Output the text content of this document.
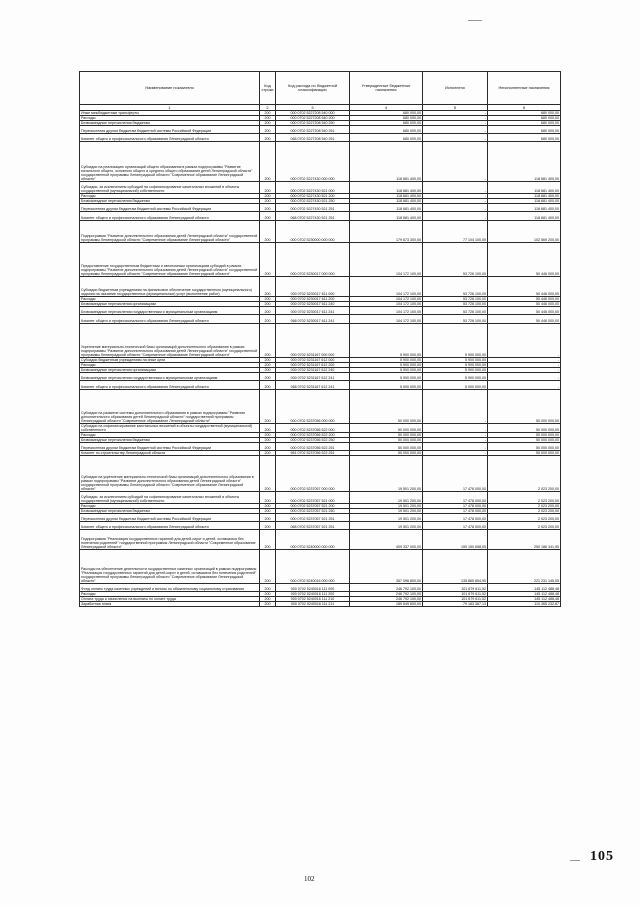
Наименование показателя	Код строки	Код расхода по бюджетной классификации	Утвержденные бюджетные назначения	Исполнено	Неисполненные назначения
1	2	3	4	5	6
Иные межбюджетные трансферты	200	000 0702 5227208 540 000	680 000,00	-	680 000,00
Расходы	200	000 0702 5227208 540 200	680 000,00	-	680 000,00
Безвозмездные перечисления бюджетам	200	000 0702 5227208 540 250	680 000,00	-	680 000,00
Перечисления другим бюджетам бюджетной системы Российской Федерации	200	000 0702 5227208 540 251	680 000,00	-	680 000,00
Комитет общего и профессионального образования Ленинградской области	200	068 0702 5227208 540 251	680 000,00	-	680 000,00
Субсидии на реализацию организаций общего образования в рамках подпрограммы "Развитие начального общего, основного общего и среднего общего образования детей Ленинградской области" государственной программы Ленинградской области "Современное образование Ленинградской области"	200	000 0702 5227430 000 000	118 681 400,00	-	118 681 400,00
Субсидии, за исключением субсидий на софинансирование капитальных вложений в объекты государственной (муниципальной) собственности	200	000 0702 5227430 521 000	118 681 400,00	-	118 681 400,00
Расходы	200	000 0702 5227430 521 200	118 681 400,00	-	118 681 400,00
Безвозмездные перечисления бюджетам	200	000 0702 5227430 521 250	118 681 400,00	-	118 681 400,00
Перечисления другим бюджетам бюджетной системы Российской Федерации	200	000 0702 5227430 521 251	118 681 400,00	-	118 681 400,00
Комитет общего и профессионального образования Ленинградской области	200	068 0702 5227430 521 251	118 681 400,00	-	118 681 400,00
Подпрограмма "Развитие дополнительного образования детей Ленинградской области" государственной программы Ленинградской области "Современное образование Ленинградской области"	200	000 0702 5230000 000 000	179 673 300,00	77 104 100,00	102 569 200,00
Предоставление государственным бюджетным и автономным организациям субсидий в рамках подпрограммы "Развитие дополнительного образования детей Ленинградской области" государственной программы Ленинградской области "Современное образование Ленинградской области"	200	000 0702 5230017 000 000	104 172 100,00	53 726 100,00	50 446 000,00
Субсидии бюджетным учреждениям на финансовое обеспечение государственного (муниципального) задания на оказание государственных (муниципальных) услуг (выполнение работ)	200	000 0702 5230017 611 000	104 172 100,00	53 726 100,00	50 446 000,00
Расходы	200	000 0702 5230017 611 200	104 172 100,00	53 726 100,00	50 446 000,00
Безвозмездные перечисления организациям	200	000 0702 5230017 611 240	104 172 100,00	53 726 100,00	50 446 000,00
Безвозмездные перечисления государственным и муниципальным организациям	200	000 0702 5230017 611 241	104 172 100,00	53 726 100,00	50 446 000,00
Комитет общего и профессионального образования Ленинградской области	200	068 0702 5230017 611 241	104 172 100,00	53 726 100,00	50 446 000,00
Укрепление материально-технической базы организаций дополнительного образования в рамках подпрограммы "Развитие дополнительного образования детей Ленинградской области" государственной программы Ленинградской области "Современное образование Ленинградской области"	200	000 0702 5231167 000 000	5 900 000,00	5 900 000,00	-
Субсидии бюджетным учреждениям на иные цели	200	000 0702 5231167 612 000	5 900 000,00	5 900 000,00	-
Расходы	200	000 0702 5231167 612 200	5 900 000,00	5 900 000,00	-
Безвозмездные перечисления организациям	200	000 0702 5231167 612 240	5 900 000,00	5 900 000,00	-
Безвозмездные перечисления государственным и муниципальным организациям	200	000 0702 5231167 612 241	5 900 000,00	5 900 000,00	-
Комитет общего и профессионального образования Ленинградской области	200	068 0702 5231167 612 241	5 900 000,00	5 900 000,00	-
Субсидии на развитие системы дополнительного образования в рамках подпрограммы "Развитие дополнительного образования детей Ленинградской области" государственной программы Ленинградской области "Современное образование Ленинградской области"	200	000 0702 5237056 000 000	50 000 000,00	-	50 000 000,00
Субсидии на софинансирование капитальных вложений в объекты государственной (муниципальной) собственности	200	000 0702 5237056 522 000	50 000 000,00	-	50 000 000,00
Расходы	200	000 0702 5237056 522 200	50 000 000,00	-	50 000 000,00
Безвозмездные перечисления бюджетам	200	000 0702 5237056 522 250	50 000 000,00	-	50 000 000,00
Перечисления другим бюджетам бюджетной системы Российской Федерации	200	000 0702 5237056 522 251	50 000 000,00	-	50 000 000,00
Комитет по строительству Ленинградской области	200	981 0702 5237056 522 251	50 000 000,00	-	50 000 000,00
Субсидии на укрепление материально-технической базы организаций дополнительного образования в рамках подпрограммы "Развитие дополнительного образования детей Ленинградской области" государственной программы Ленинградской области "Современное образование Ленинградской области"	200	000 0702 5237057 000 000	19 501 200,00	17 478 000,00	2 023 200,00
Субсидии, за исключением субсидий на софинансирование капитальных вложений в объекты государственной (муниципальной) собственности	200	000 0702 5237057 521 000	19 501 200,00	17 478 000,00	2 023 200,00
Расходы	200	000 0702 5237057 521 200	19 501 200,00	17 478 000,00	2 023 200,00
Безвозмездные перечисления бюджетам	200	000 0702 5237057 521 250	19 501 200,00	17 478 000,00	2 023 200,00
Перечисления другим бюджетам бюджетной системы Российской Федерации	200	000 0702 5237057 521 251	19 501 200,00	17 478 000,00	2 023 200,00
Комитет общего и профессионального образования Ленинградской области	200	068 0702 5237057 521 251	19 501 200,00	17 478 000,00	2 023 200,00
Подпрограмма "Реализация государственных гарантий для детей-сирот и детей, оставшихся без попечения родителей" государственной программы Ленинградской области "Современное образование Ленинградской области"	200	000 0702 5240000 000 000	409 337 000,00	159 150 658,05	250 186 341,95
Расходы на обеспечение деятельности государственных казенных организаций в рамках подпрограммы "Реализация государственных гарантий для детей-сирот и детей, оставшихся без попечения родителей" государственной программы Ленинградской области "Современное образование Ленинградской области"	200	000 0702 5240016 000 000	357 096 800,00	135 865 654,95	221 231 145,05
Фонд оплаты труда казенных учреждений и взносы по обязательному социальному страхованию	200	000 0702 5240016 111 000	246 792 100,00	101 679 611,52	145 112 488,48
Расходы	200	000 0702 5240016 111 200	246 792 100,00	101 679 611,52	145 112 488,48
Оплата труда и начисления на выплаты по оплате труда	200	000 0702 5240016 111 210	246 792 100,00	101 679 611,52	145 112 488,48
Заработная плата	200	000 0702 5240016 111 211	189 549 600,00	79 183 367,13	110 365 232,87
102
105
